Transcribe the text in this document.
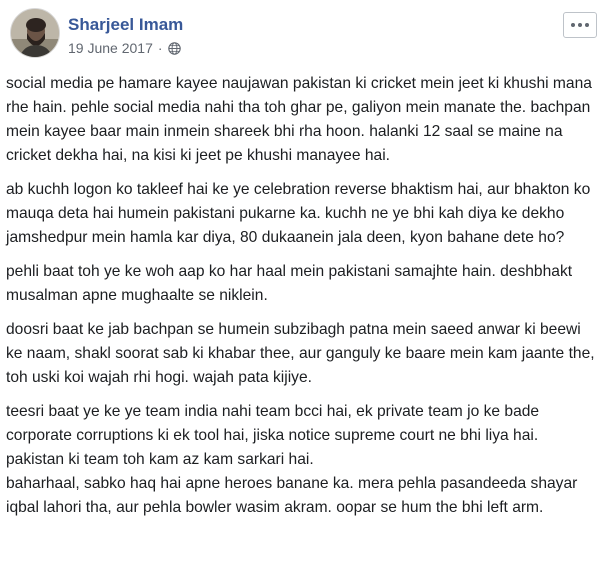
Sharjeel Imam
19 June 2017 ·

social media pe hamare kayee naujawan pakistan ki cricket mein jeet ki khushi mana rhe hain. pehle social media nahi tha toh ghar pe, galiyon mein manate the. bachpan mein kayee baar main inmein shareek bhi rha hoon. halanki 12 saal se maine na cricket dekha hai, na kisi ki jeet pe khushi manayee hai.

ab kuchh logon ko takleef hai ke ye celebration reverse bhaktism hai, aur bhakton ko mauqa deta hai humein pakistani pukarne ka. kuchh ne ye bhi kah diya ke dekho jamshedpur mein hamla kar diya, 80 dukaanein jala deen, kyon bahane dete ho?

pehli baat toh ye ke woh aap ko har haal mein pakistani samajhte hain. deshbhakt musalman apne mughaalte se niklein.

doosri baat ke jab bachpan se humein subzibagh patna mein saeed anwar ki beewi ke naam, shakl soorat sab ki khabar thee, aur ganguly ke baare mein kam jaante the, toh uski koi wajah rhi hogi. wajah pata kijiye.

teesri baat ye ke ye team india nahi team bcci hai, ek private team jo ke bade corporate corruptions ki ek tool hai, jiska notice supreme court ne bhi liya hai. pakistan ki team toh kam az kam sarkari hai.

baharhaal, sabko haq hai apne heroes banane ka. mera pehla pasandeeda shayar iqbal lahori tha, aur pehla bowler wasim akram. oopar se hum the bhi left arm.
